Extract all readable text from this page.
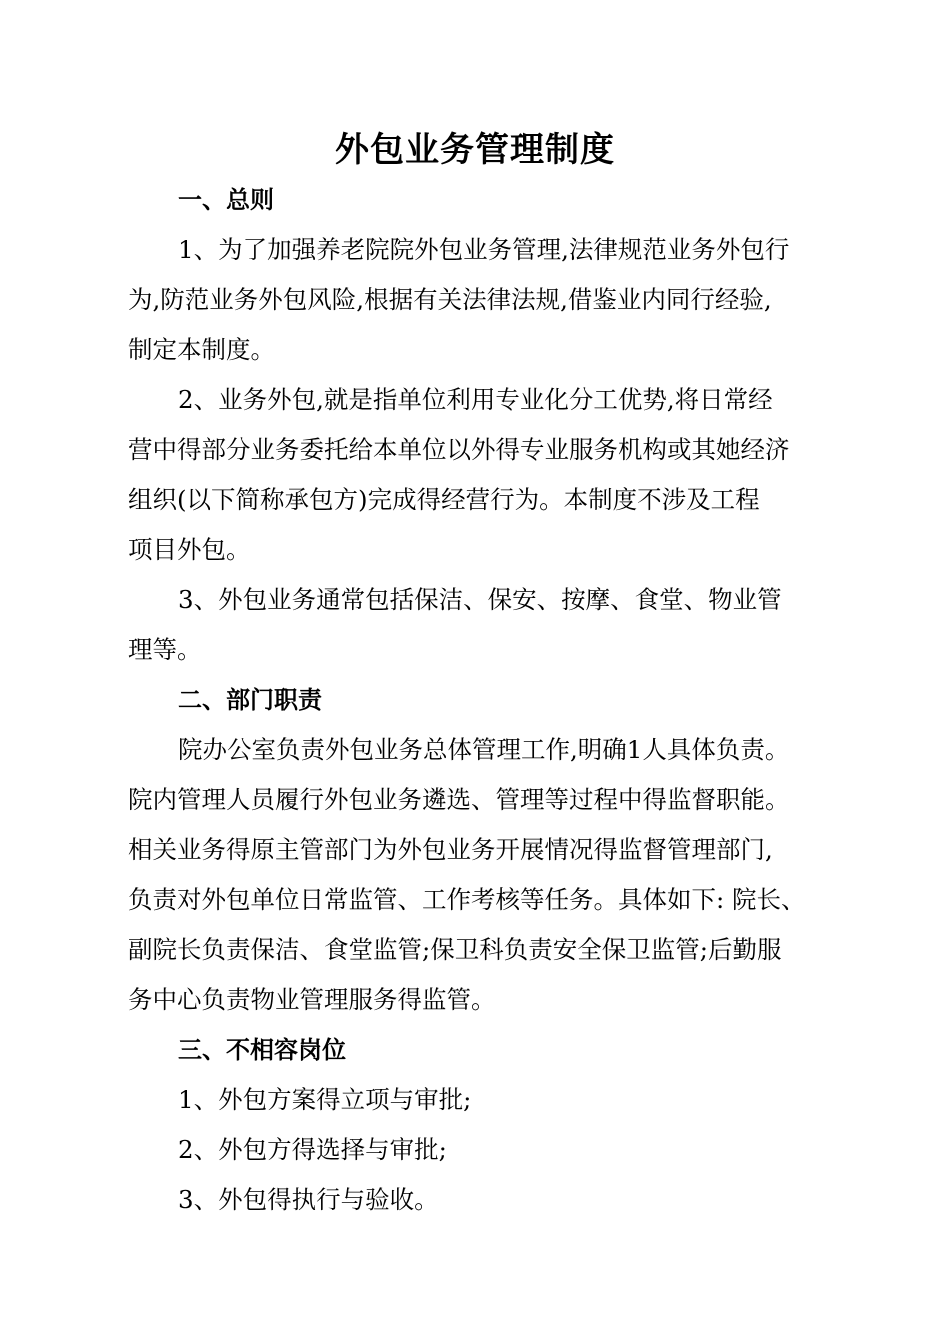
外包业务管理制度
一、总则
1、为了加强养老院院外包业务管理,法律规范业务外包行
为,防范业务外包风险,根据有关法律法规,借鉴业内同行经验,
制定本制度。
2、业务外包,就是指单位利用专业化分工优势,将日常经
营中得部分业务委托给本单位以外得专业服务机构或其她经济
组织(以下简称承包方)完成得经营行为。本制度不涉及工程
项目外包。
3、外包业务通常包括保洁、保安、按摩、食堂、物业管
理等。
二、部门职责
院办公室负责外包业务总体管理工作,明确1人具体负责。
院内管理人员履行外包业务遴选、管理等过程中得监督职能。
相关业务得原主管部门为外包业务开展情况得监督管理部门,
负责对外包单位日常监管、工作考核等任务。具体如下: 院长、
副院长负责保洁、食堂监管;保卫科负责安全保卫监管;后勤服
务中心负责物业管理服务得监管。
三、不相容岗位
1、外包方案得立项与审批;
2、外包方得选择与审批;
3、外包得执行与验收。
